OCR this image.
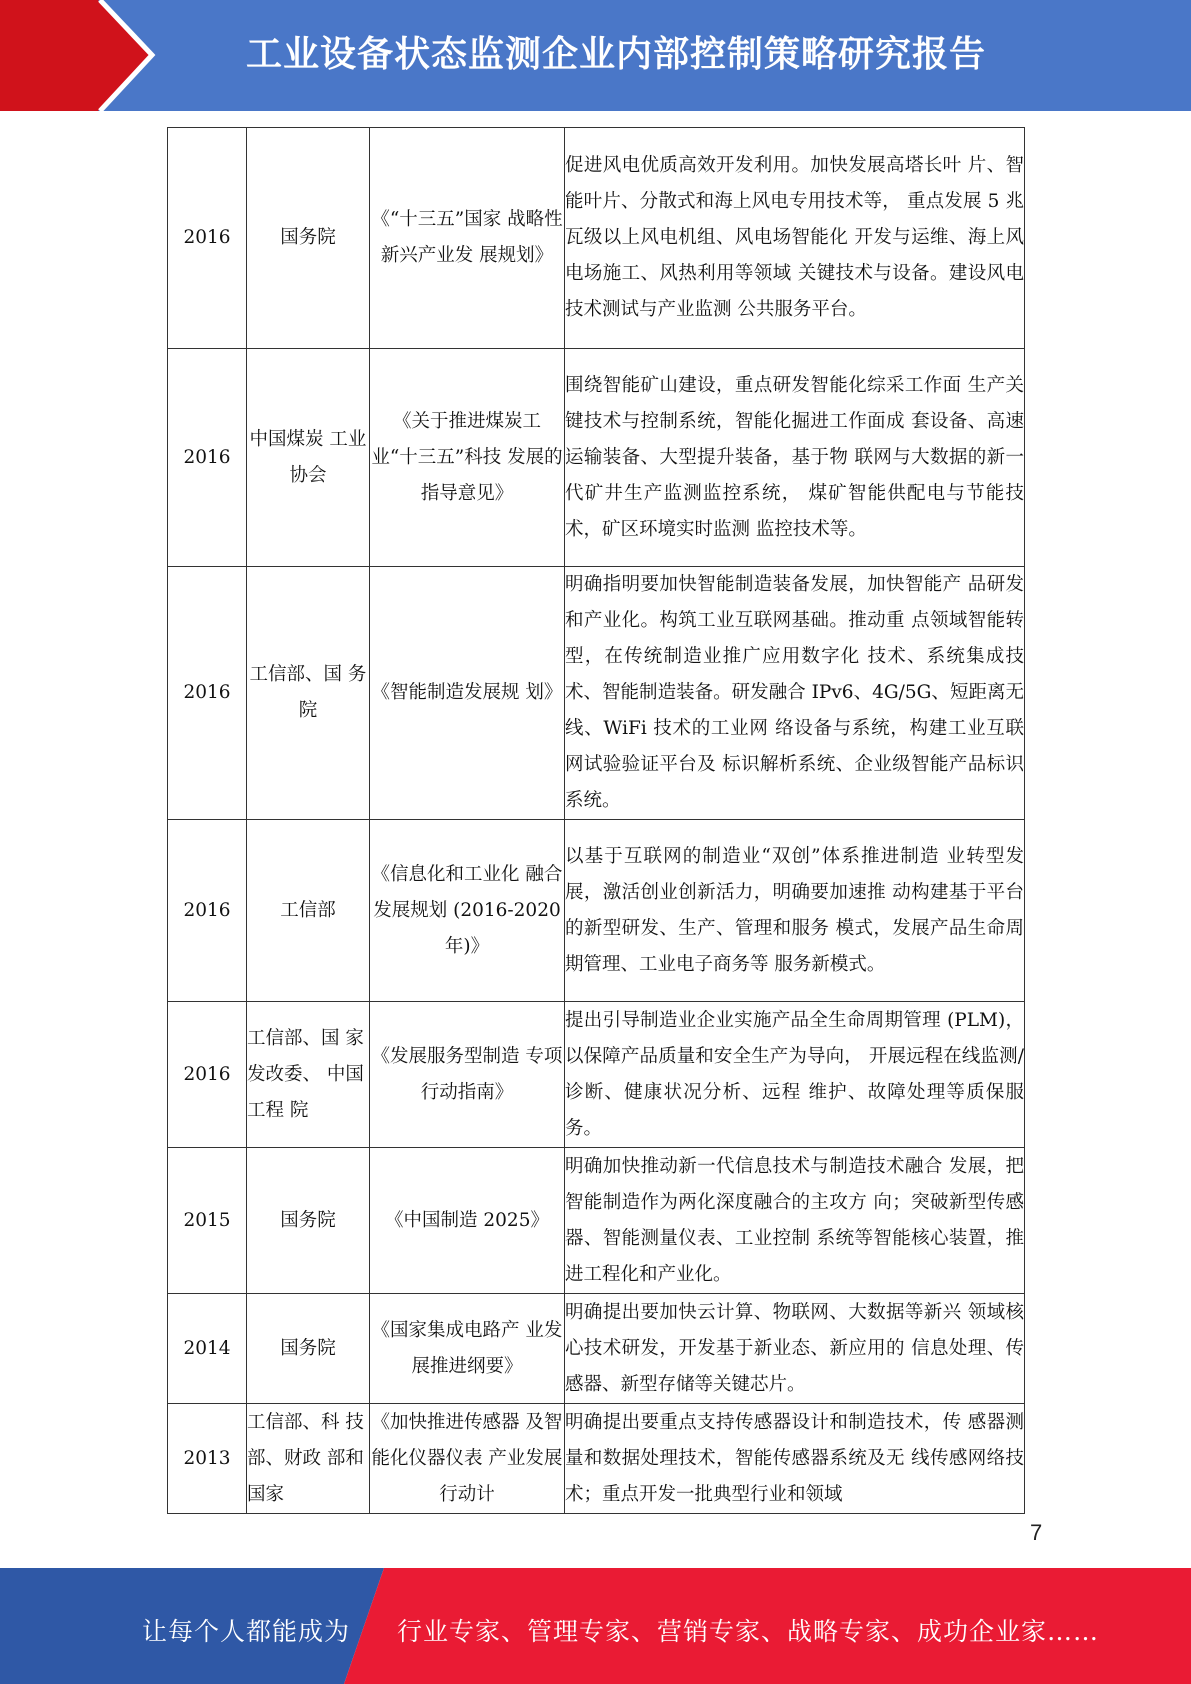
工业设备状态监测企业内部控制策略研究报告
2016	国务院	《“十三五”国家 战略性新兴产业发 展规划》	促进风电优质高效开发利用。加快发展高塔长叶 片、智能叶片、分散式和海上风电专用技术等， 重点发展 5 兆瓦级以上风电机组、风电场智能化 开发与运维、海上风电场施工、风热利用等领域 关键技术与设备。建设风电技术测试与产业监测 公共服务平台。
2016	中国煤炭 工业协会	《关于推进煤炭工 业“十三五”科技 发展的指导意见》	围绕智能矿山建设，重点研发智能化综采工作面 生产关键技术与控制系统，智能化掘进工作面成 套设备、高速运输装备、大型提升装备，基于物 联网与大数据的新一代矿井生产监测监控系统， 煤矿智能供配电与节能技术，矿区环境实时监测 监控技术等。
2016	工信部、国 务院	《智能制造发展规 划》	明确指明要加快智能制造装备发展，加快智能产 品研发和产业化。构筑工业互联网基础。推动重 点领域智能转型，在传统制造业推广应用数字化 技术、系统集成技术、智能制造装备。研发融合 IPv6、4G/5G、短距离无线、WiFi 技术的工业网 络设备与系统，构建工业互联网试验验证平台及 标识解析系统、企业级智能产品标识系统。
2016	工信部	《信息化和工业化 融合发展规划 (2016-2020 年)》	以基于互联网的制造业“双创”体系推进制造 业转型发展，激活创业创新活力，明确要加速推 动构建基于平台的新型研发、生产、管理和服务 模式，发展产品生命周期管理、工业电子商务等 服务新模式。
2016	工信部、国 家发改委、 中国工程 院	《发展服务型制造 专项行动指南》	提出引导制造业企业实施产品全生命周期管理 (PLM)，以保障产品质量和安全生产为导向， 开展远程在线监测/诊断、健康状况分析、远程 维护、故障处理等质保服务。
2015	国务院	《中国制造 2025》	明确加快推动新一代信息技术与制造技术融合 发展，把智能制造作为两化深度融合的主攻方 向；突破新型传感器、智能测量仪表、工业控制 系统等智能核心装置，推进工程化和产业化。
2014	国务院	《国家集成电路产 业发展推进纲要》	明确提出要加快云计算、物联网、大数据等新兴 领域核心技术研发，开发基于新业态、新应用的 信息处理、传感器、新型存储等关键芯片。
2013	工信部、科 技部、财政 部和国家	《加快推进传感器 及智能化仪器仪表 产业发展行动计	明确提出要重点支持传感器设计和制造技术，传 感器测量和数据处理技术，智能传感器系统及无 线传感网络技术；重点开发一批典型行业和领域
7
让每个人都能成为 行业专家、管理专家、营销专家、战略专家、成功企业家……
